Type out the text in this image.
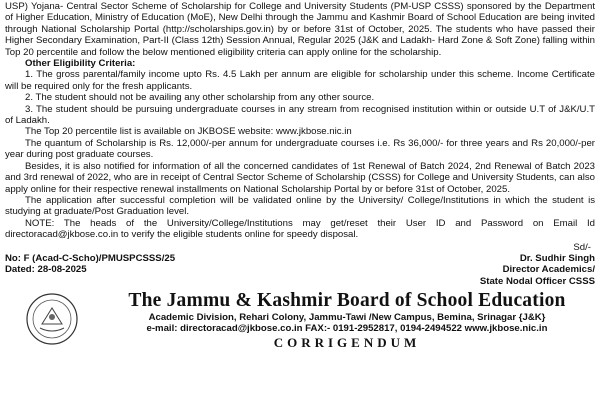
USP) Yojana- Central Sector Scheme of Scholarship for College and University Students (PM-USP CSSS) sponsored by the Department of Higher Education, Ministry of Education (MoE), New Delhi through the Jammu and Kashmir Board of School Education are being invited through National Scholarship Portal (http://scholarships.gov.in) by or before 31st of October, 2025. The students who have passed their Higher Secondary Examination, Part-II (Class 12th) Session Annual, Regular 2025 (J&K and Ladakh- Hard Zone & Soft Zone) falling within Top 20 percentile and follow the below mentioned eligibility criteria can apply online for the scholarship.

Other Eligibility Criteria:

1. The gross parental/family income upto Rs. 4.5 Lakh per annum are eligible for scholarship under this scheme. Income Certificate will be required only for the fresh applicants.

2. The student should not be availing any other scholarship from any other source.

3. The student should be pursuing undergraduate courses in any stream from recognised institution within or outside U.T of J&K/U.T of Ladakh.

The Top 20 percentile list is available on JKBOSE website: www.jkbose.nic.in

The quantum of Scholarship is Rs. 12,000/-per annum for undergraduate courses i.e. Rs 36,000/- for three years and Rs 20,000/-per year during post graduate courses.

Besides, it is also notified for information of all the concerned candidates of 1st Renewal of Batch 2024, 2nd Renewal of Batch 2023 and 3rd renewal of 2022, who are in receipt of Central Sector Scheme of Scholarship (CSSS) for College and University Students, can also apply online for their respective renewal installments on National Scholarship Portal by or before 31st of October, 2025.

The application after successful completion will be validated online by the University/ College/Institutions in which the student is studying at graduate/Post Graduation level.

NOTE: The heads of the University/College/Institutions may get/reset their User ID and Password on Email Id directoracad@jkbose.co.in to verify the eligible students online for speedy disposal.

No: F (Acad-C-Scho)/PMUSPCSSS/25
Dated: 28-08-2025
Sd/-
Dr. Sudhir Singh
Director Academics/
State Nodal Officer CSSS
The Jammu & Kashmir Board of School Education
Academic Division, Rehari Colony, Jammu-Tawi /New Campus, Bemina, Srinagar {J&K}
e-mail: directoracad@jkbose.co.in FAX:- 0191-2952817, 0194-2494522 www.jkbose.nic.in
CORRIGENDUM
